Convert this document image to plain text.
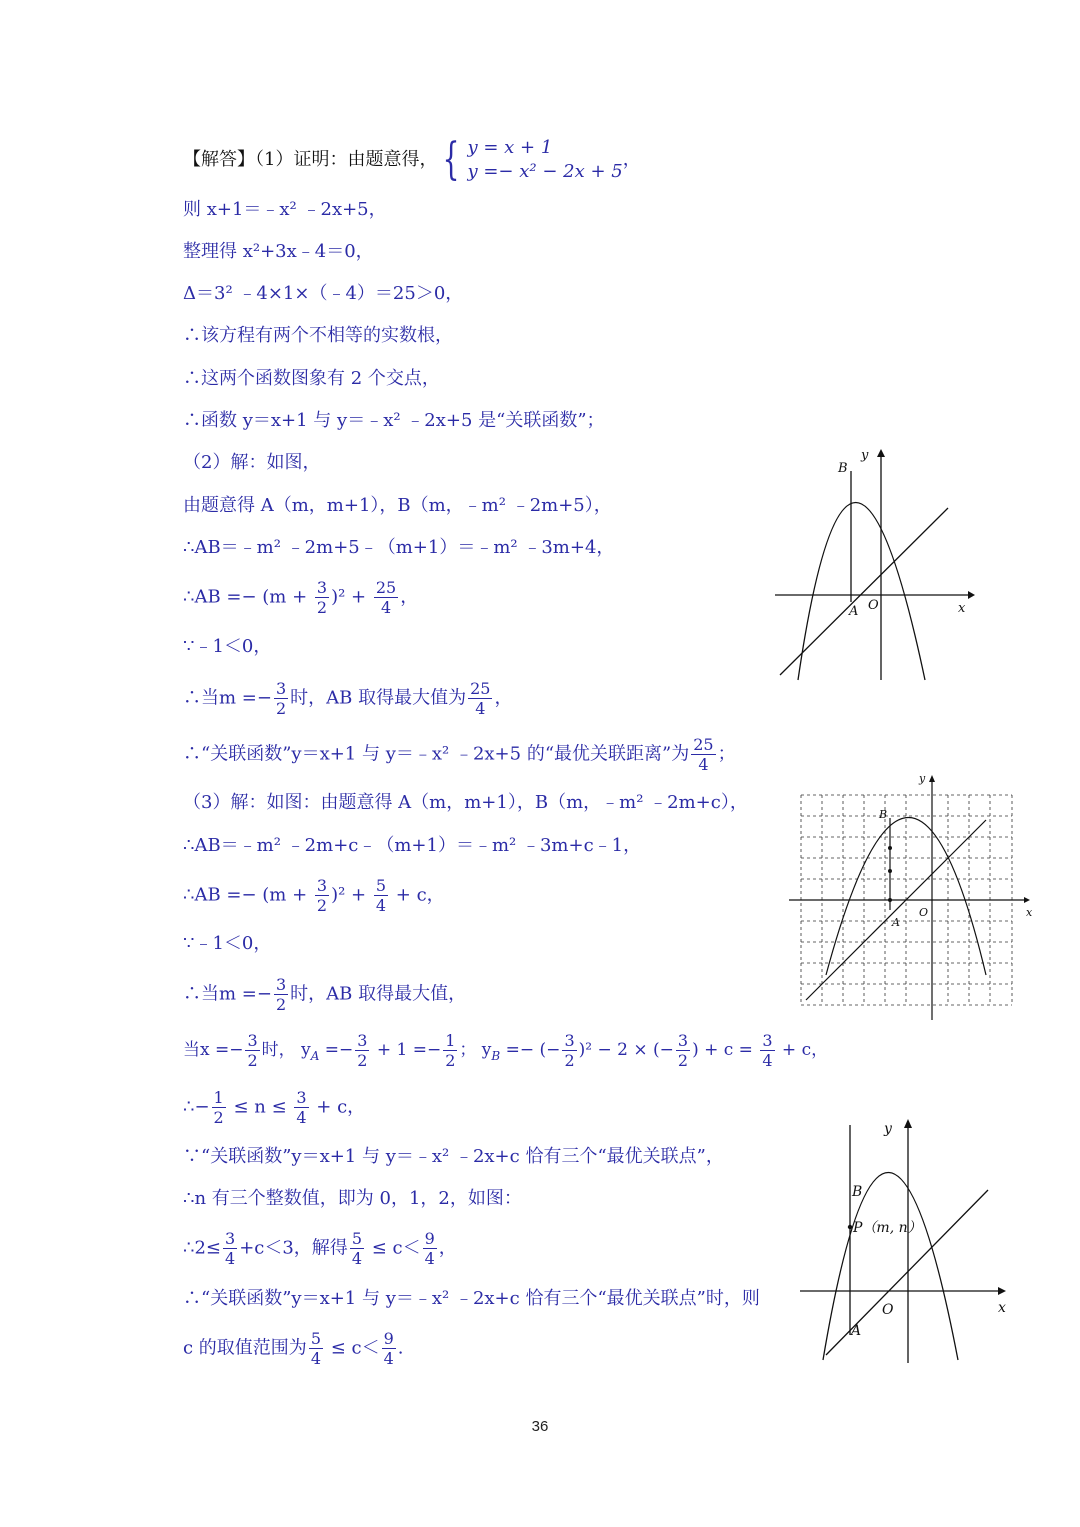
【解答】（1）证明：由题意得， { y = x + 1
y =− x² − 2x + 5
，
则 x+1＝﹣x² ﹣2x+5，
整理得 x²+3x﹣4＝0，
Δ＝3² ﹣4×1×（﹣4）＝25＞0，
∴该方程有两个不相等的实数根，
∴这两个函数图象有 2 个交点，
∴函数 y＝x+1 与 y＝﹣x² ﹣2x+5 是“关联函数”；
（2）解：如图，
由题意得 A（m，m+1），B（m，﹣m² ﹣2m+5），
∴AB＝﹣m² ﹣2m+5﹣（m+1）＝﹣m² ﹣3m+4，
∴AB =− $(m + \frac{3}{2} )^2 + \frac{25}{4}$ ，
∵﹣1＜0，
∴当$m =- \frac{3}{2}$ 时，AB 取得最大值为 $\frac{25}{4}$ ，
∴“关联函数”y＝x+1 与 y＝﹣x² ﹣2x+5 的“最优关联距离”为 $\frac{25}{4}$ ；
（3）解：如图：由题意得 A（m，m+1），B（m，﹣m² ﹣2m+c），
∴AB＝﹣m² ﹣2m+c﹣（m+1）＝﹣m² ﹣3m+c﹣1，
∴AB =− $(m + \frac{3}{2} )^2 + \frac{5}{4} + c$，
∵﹣1＜0，
∴当$m =- \frac{3}{2}$ 时，AB 取得最大值，
当$x =- \frac{3}{2}$ 时， $y_A =- \frac{3}{2} + 1 =- \frac{1}{2}$ ； $y_B$ =− (− $\frac{3}{2} )^2 - 2$ × (− $\frac{3}{2}$ ) + $c = \frac{3}{4} + c$，
∴− $\frac{1}{2} \le n \le \frac{3}{4} + c$，
∵“关联函数”y＝x+1 与 y＝﹣x² ﹣2x+c 恰有三个“最优关联点”，
∴n 有三个整数值，即为 0，1，2，如图：
∴2≤ $\frac{3}{4} +c<3$，解得 $\frac{5}{4} \le c< \frac{9}{4}$ ，
∴“关联函数”y＝x+1 与 y＝﹣x² ﹣2x+c 恰有三个“最优关联点”时，则
c 的取值范围为 $\frac{5}{4} \le c< \frac{9}{4}$ .
B
y
A O	x
y
B
A
O	x
y
B
P（m, n）
O
A
x
36
